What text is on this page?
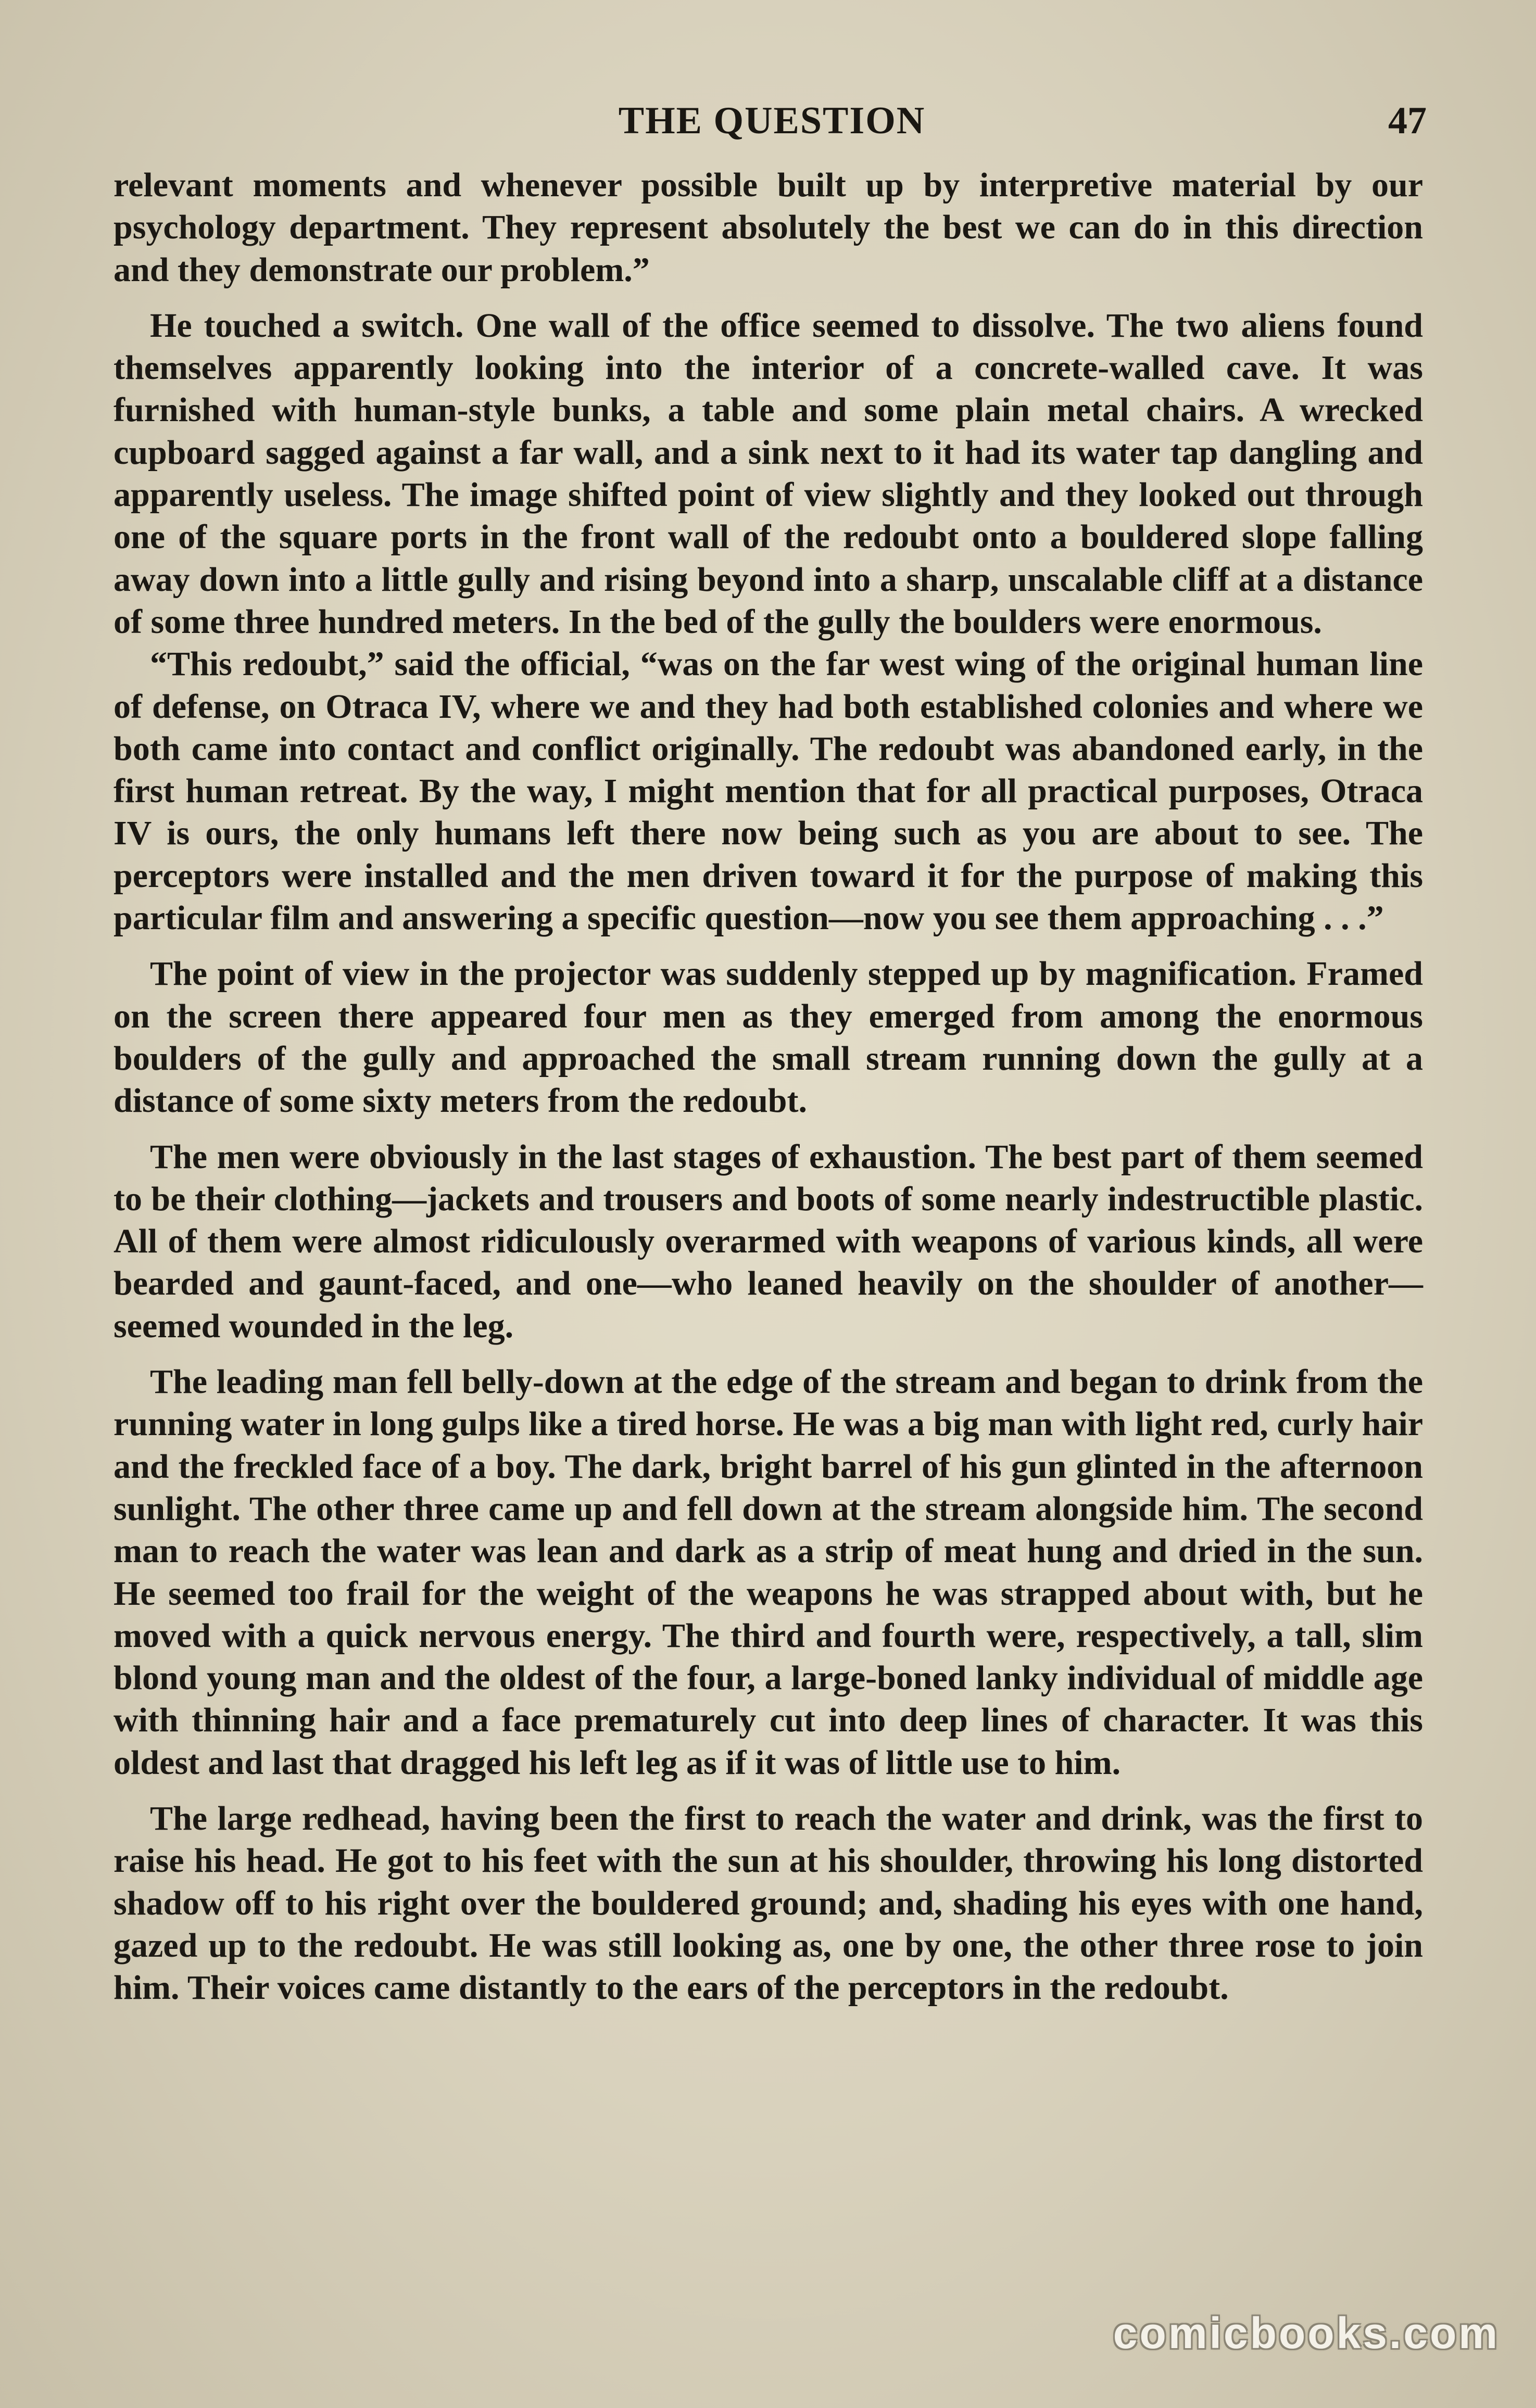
THE QUESTION	47

relevant moments and whenever possible built up by interpretive material by our psychology department. They represent absolutely the best we can do in this direction and they demonstrate our problem.”

He touched a switch. One wall of the office seemed to dissolve. The two aliens found themselves apparently looking into the interior of a concrete-walled cave. It was furnished with human-style bunks, a table and some plain metal chairs. A wrecked cupboard sagged against a far wall, and a sink next to it had its water tap dangling and apparently useless. The image shifted point of view slightly and they looked out through one of the square ports in the front wall of the redoubt onto a bouldered slope falling away down into a little gully and rising beyond into a sharp, unscalable cliff at a distance of some three hundred meters. In the bed of the gully the boulders were enormous.

“This redoubt,” said the official, “was on the far west wing of the original human line of defense, on Otraca IV, where we and they had both established colonies and where we both came into contact and conflict originally. The redoubt was abandoned early, in the first human retreat. By the way, I might mention that for all practical purposes, Otraca IV is ours, the only humans left there now being such as you are about to see. The perceptors were installed and the men driven toward it for the purpose of making this particular film and answering a specific question—now you see them approaching . . .”

The point of view in the projector was suddenly stepped up by magnification. Framed on the screen there appeared four men as they emerged from among the enormous boulders of the gully and approached the small stream running down the gully at a distance of some sixty meters from the redoubt.

The men were obviously in the last stages of exhaustion. The best part of them seemed to be their clothing—jackets and trousers and boots of some nearly indestructible plastic. All of them were almost ridiculously overarmed with weapons of various kinds, all were bearded and gaunt-faced, and one—who leaned heavily on the shoulder of another—seemed wounded in the leg.

The leading man fell belly-down at the edge of the stream and began to drink from the running water in long gulps like a tired horse. He was a big man with light red, curly hair and the freckled face of a boy. The dark, bright barrel of his gun glinted in the afternoon sunlight. The other three came up and fell down at the stream alongside him. The second man to reach the water was lean and dark as a strip of meat hung and dried in the sun. He seemed too frail for the weight of the weapons he was strapped about with, but he moved with a quick nervous energy. The third and fourth were, respectively, a tall, slim blond young man and the oldest of the four, a large-boned lanky individual of middle age with thinning hair and a face prematurely cut into deep lines of character. It was this oldest and last that dragged his left leg as if it was of little use to him.

The large redhead, having been the first to reach the water and drink, was the first to raise his head. He got to his feet with the sun at his shoulder, throwing his long distorted shadow off to his right over the bouldered ground; and, shading his eyes with one hand, gazed up to the redoubt. He was still looking as, one by one, the other three rose to join him. Their voices came distantly to the ears of the perceptors in the redoubt.

comicbooks.com
